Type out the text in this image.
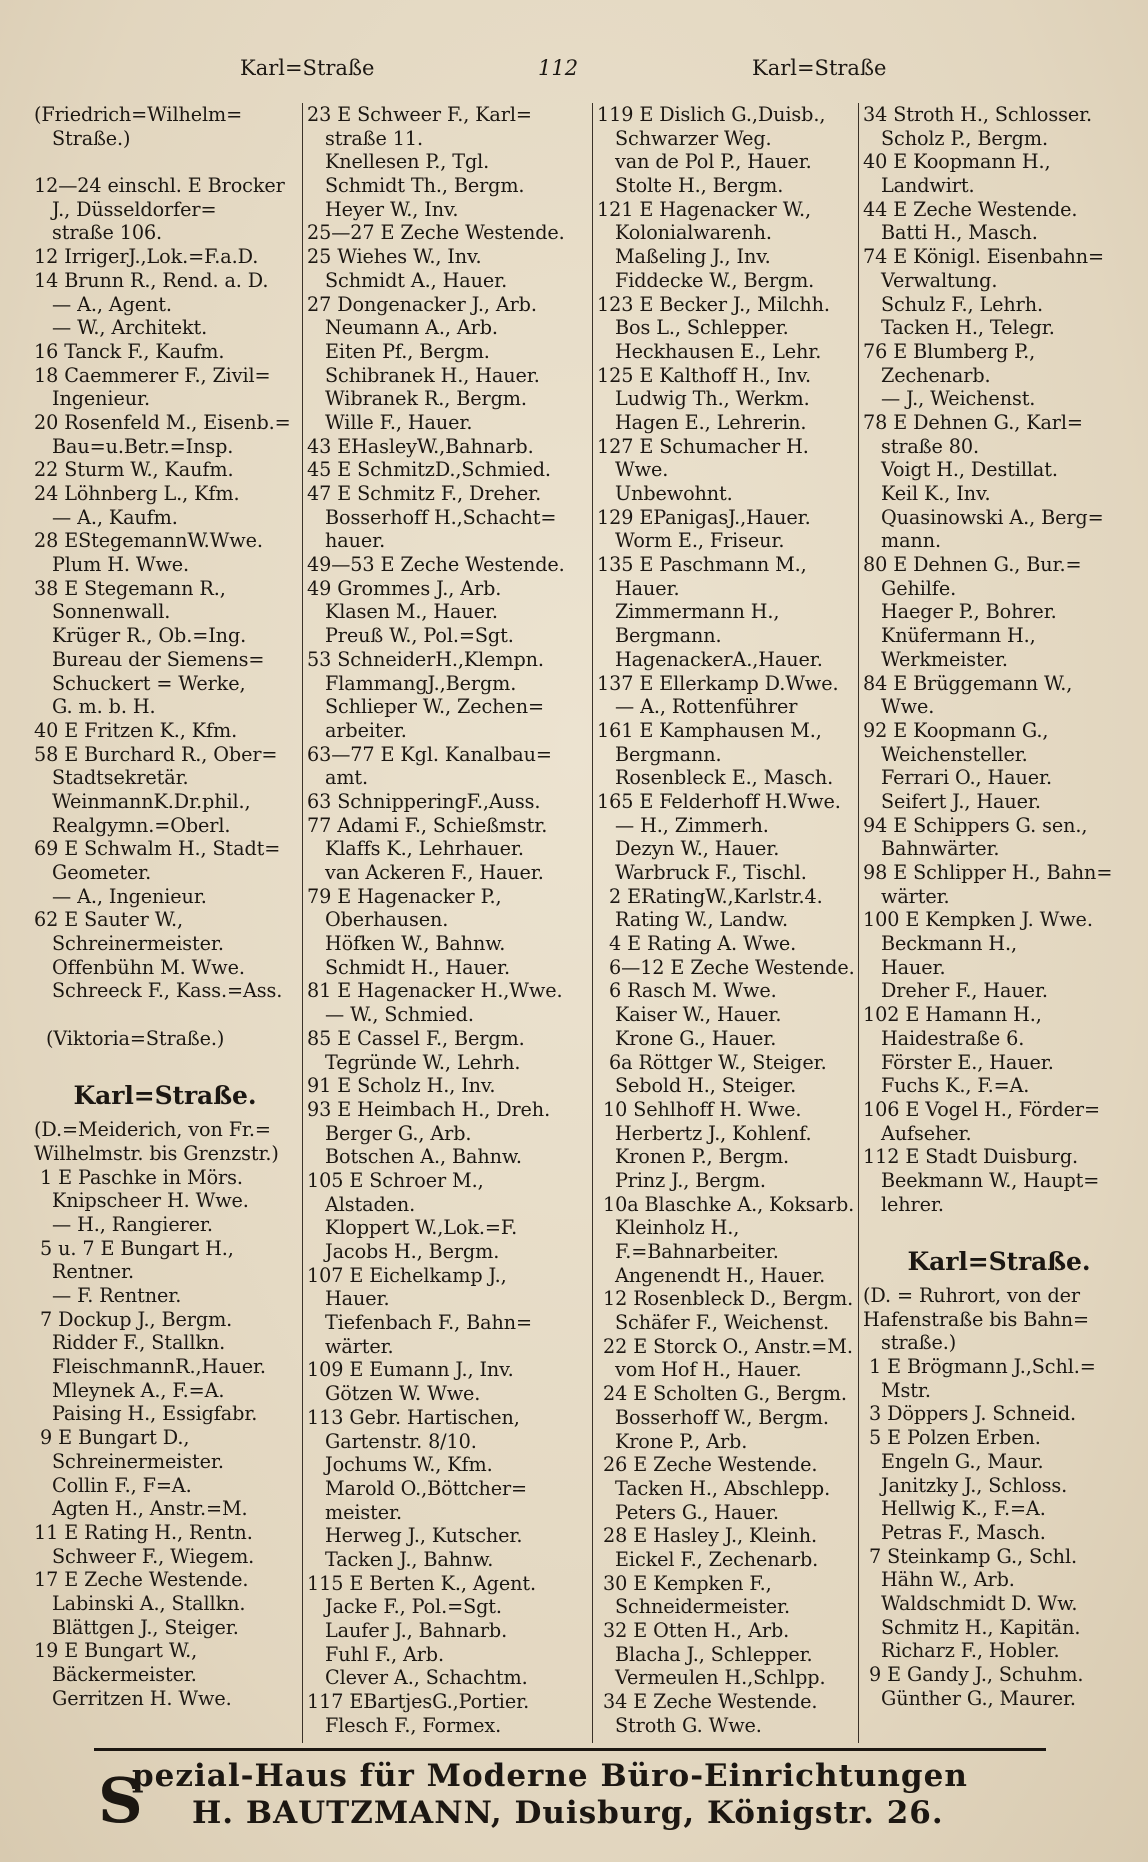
Karl=Straße	112	Karl=Straße
(Friedrich=Wilhelm=
Straße.)
12—24 einschl. E Brocker
J., Düsseldorfer=
straße 106.
12 IrrigerJ.,Lok.=F.a.D.
14 Brunn R., Rend. a. D.
— A., Agent.
— W., Architekt.
16 Tanck F., Kaufm.
18 Caemmerer F., Zivil=
Ingenieur.
20 Rosenfeld M., Eisenb.=
Bau=u.Betr.=Insp.
22 Sturm W., Kaufm.
24 Löhnberg L., Kfm.
— A., Kaufm.
28 EStegemannW.Wwe.
Plum H. Wwe.
38 E Stegemann R.,
Sonnenwall.
Krüger R., Ob.=Ing.
Bureau der Siemens=
Schuckert = Werke,
G. m. b. H.
40 E Fritzen K., Kfm.
58 E Burchard R., Ober=
Stadtsekretär.
WeinmannK.Dr.phil.,
Realgymn.=Oberl.
69 E Schwalm H., Stadt=
Geometer.
— A., Ingenieur.
62 E Sauter W.,
Schreinermeister.
Offenbühn M. Wwe.
Schreeck F., Kass.=Ass.
(Viktoria=Straße.)
Karl=Straße.
(D.=Meiderich, von Fr.=
Wilhelmstr. bis Grenzstr.)
1 E Paschke in Mörs.
Knipscheer H. Wwe.
— H., Rangierer.
5 u. 7 E Bungart H.,
Rentner.
— F. Rentner.
7 Dockup J., Bergm.
Ridder F., Stallkn.
FleischmannR.,Hauer.
Mleynek A., F.=A.
Paising H., Essigfabr.
9 E Bungart D.,
Schreinermeister.
Collin F., F=A.
Agten H., Anstr.=M.
11 E Rating H., Rentn.
Schweer F., Wiegem.
17 E Zeche Westende.
Labinski A., Stallkn.
Blättgen J., Steiger.
19 E Bungart W.,
Bäckermeister.
Gerritzen H. Wwe.
23 E Schweer F., Karl=
straße 11.
Knellesen P., Tgl.
Schmidt Th., Bergm.
Heyer W., Inv.
25—27 E Zeche Westende.
25 Wiehes W., Inv.
Schmidt A., Hauer.
27 Dongenacker J., Arb.
Neumann A., Arb.
Eiten Pf., Bergm.
Schibranek H., Hauer.
Wibranek R., Bergm.
Wille F., Hauer.
43 EHasleyW.,Bahnarb.
45 E SchmitzD.,Schmied.
47 E Schmitz F., Dreher.
Bosserhoff H.,Schacht=
hauer.
49—53 E Zeche Westende.
49 Grommes J., Arb.
Klasen M., Hauer.
Preuß W., Pol.=Sgt.
53 SchneiderH.,Klempn.
FlammangJ.,Bergm.
Schlieper W., Zechen=
arbeiter.
63—77 E Kgl. Kanalbau=
amt.
63 SchnipperingF.,Auss.
77 Adami F., Schießmstr.
Klaffs K., Lehrhauer.
van Ackeren F., Hauer.
79 E Hagenacker P.,
Oberhausen.
Höfken W., Bahnw.
Schmidt H., Hauer.
81 E Hagenacker H.,Wwe.
— W., Schmied.
85 E Cassel F., Bergm.
Tegründe W., Lehrh.
91 E Scholz H., Inv.
93 E Heimbach H., Dreh.
Berger G., Arb.
Botschen A., Bahnw.
105 E Schroer M.,
Alstaden.
Kloppert W.,Lok.=F.
Jacobs H., Bergm.
107 E Eichelkamp J.,
Hauer.
Tiefenbach F., Bahn=
wärter.
109 E Eumann J., Inv.
Götzen W. Wwe.
113 Gebr. Hartischen,
Gartenstr. 8/10.
Jochums W., Kfm.
Marold O.,Böttcher=
meister.
Herweg J., Kutscher.
Tacken J., Bahnw.
115 E Berten K., Agent.
Jacke F., Pol.=Sgt.
Laufer J., Bahnarb.
Fuhl F., Arb.
Clever A., Schachtm.
117 EBartjesG.,Portier.
Flesch F., Formex.
119 E Dislich G.,Duisb.,
Schwarzer Weg.
van de Pol P., Hauer.
Stolte H., Bergm.
121 E Hagenacker W.,
Kolonialwarenh.
Maßeling J., Inv.
Fiddecke W., Bergm.
123 E Becker J., Milchh.
Bos L., Schlepper.
Heckhausen E., Lehr.
125 E Kalthoff H., Inv.
Ludwig Th., Werkm.
Hagen E., Lehrerin.
127 E Schumacher H.
Wwe.
Unbewohnt.
129 EPanigasJ.,Hauer.
Worm E., Friseur.
135 E Paschmann M.,
Hauer.
Zimmermann H.,
Bergmann.
HagenackerA.,Hauer.
137 E Ellerkamp D.Wwe.
— A., Rottenführer
161 E Kamphausen M.,
Bergmann.
Rosenbleck E., Masch.
165 E Felderhoff H.Wwe.
— H., Zimmerh.
Dezyn W., Hauer.
Warbruck F., Tischl.
2 ERatingW.,Karlstr.4.
Rating W., Landw.
4 E Rating A. Wwe.
6—12 E Zeche Westende.
6 Rasch M. Wwe.
Kaiser W., Hauer.
Krone G., Hauer.
6a Röttger W., Steiger.
Sebold H., Steiger.
10 Sehlhoff H. Wwe.
Herbertz J., Kohlenf.
Kronen P., Bergm.
Prinz J., Bergm.
10a Blaschke A., Koksarb.
Kleinholz H.,
F.=Bahnarbeiter.
Angenendt H., Hauer.
12 Rosenbleck D., Bergm.
Schäfer F., Weichenst.
22 E Storck O., Anstr.=M.
vom Hof H., Hauer.
24 E Scholten G., Bergm.
Bosserhoff W., Bergm.
Krone P., Arb.
26 E Zeche Westende.
Tacken H., Abschlepp.
Peters G., Hauer.
28 E Hasley J., Kleinh.
Eickel F., Zechenarb.
30 E Kempken F.,
Schneidermeister.
32 E Otten H., Arb.
Blacha J., Schlepper.
Vermeulen H.,Schlpp.
34 E Zeche Westende.
Stroth G. Wwe.
34 Stroth H., Schlosser.
Scholz P., Bergm.
40 E Koopmann H.,
Landwirt.
44 E Zeche Westende.
Batti H., Masch.
74 E Königl. Eisenbahn=
Verwaltung.
Schulz F., Lehrh.
Tacken H., Telegr.
76 E Blumberg P.,
Zechenarb.
— J., Weichenst.
78 E Dehnen G., Karl=
straße 80.
Voigt H., Destillat.
Keil K., Inv.
Quasinowski A., Berg=
mann.
80 E Dehnen G., Bur.=
Gehilfe.
Haeger P., Bohrer.
Knüfermann H.,
Werkmeister.
84 E Brüggemann W.,
Wwe.
92 E Koopmann G.,
Weichensteller.
Ferrari O., Hauer.
Seifert J., Hauer.
94 E Schippers G. sen.,
Bahnwärter.
98 E Schlipper H., Bahn=
wärter.
100 E Kempken J. Wwe.
Beckmann H.,
Hauer.
Dreher F., Hauer.
102 E Hamann H.,
Haidestraße 6.
Förster E., Hauer.
Fuchs K., F.=A.
106 E Vogel H., Förder=
Aufseher.
112 E Stadt Duisburg.
Beekmann W., Haupt=
lehrer.
Karl=Straße.
(D. = Ruhrort, von der
Hafenstraße bis Bahn=
straße.)
1 E Brögmann J.,Schl.=
Mstr.
3 Döppers J. Schneid.
5 E Polzen Erben.
Engeln G., Maur.
Janitzky J., Schloss.
Hellwig K., F.=A.
Petras F., Masch.
7 Steinkamp G., Schl.
Hähn W., Arb.
Waldschmidt D. Ww.
Schmitz H., Kapitän.
Richarz F., Hobler.
9 E Gandy J., Schuhm.
Günther G., Maurer.
S
pezial-Haus für Moderne Büro-Einrichtungen
H. BAUTZMANN, Duisburg, Königstr. 26.
